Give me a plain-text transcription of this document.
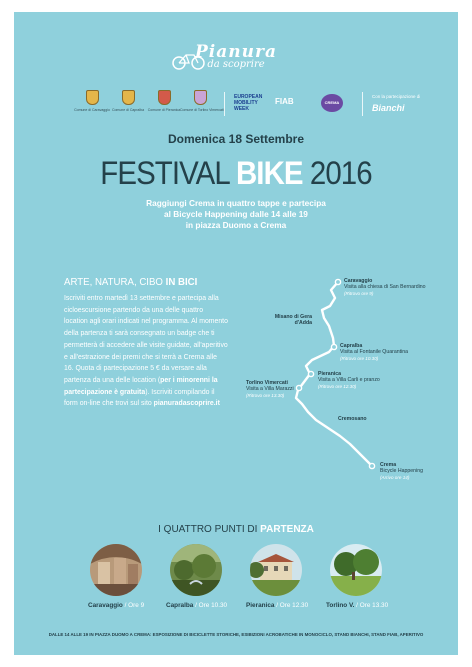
Pianura
da scoprire
Comune di Caravaggio Comune di Capralba	Comune di Pieranica Comune di Torlino Vimercati
EUROPEAN
MOBILITY
WEEK
FIAB	CREMA
Con la partecipazione di
Bianchi
Domenica 18 Settembre
FESTIVAL BIKE 2016
Raggiungi Crema in quattro tappe e partecipa
al Bicycle Happening dalle 14 alle 19
in piazza Duomo a Crema
ARTE, NATURA, CIBO IN BICI
Iscriviti entro martedì 13 settembre e partecipa alla cicloescursione partendo da una delle quattro location agli orari indicati nel programma. Al momento della partenza ti sarà consegnato un badge che ti permetterà di accedere alle visite guidate, all'aperitivo e all'estrazione dei premi che si terrà a Crema alle 16. Quota di partecipazione 5 € da versare alla partenza da una delle location (per i minorenni la partecipazione è gratuita). Iscriviti compilando il form on-line che trovi sul sito pianuradascoprire.it
Caravaggio
Visita alla chiesa di San Bernardino
(Ritrovo ore 9)
Misano di Gera d'Adda
Capralba
Visita al Fontanile Quarantina
(Ritrovo ore 10.30)
Pieranica
Visita a Villa Carli e pranzo
(Ritrovo ore 12.30)
Torlino Vimercati
Visita a Villa Marazzi
(Ritrovo ore 13.30)
Cremosano
Crema
Bicycle Happening
(Arrivo ore 14)
I QUATTRO PUNTI DI PARTENZA
Caravaggio / Ore 9	Capralba / Ore 10.30	Pieranica / Ore 12.30	Torlino V. / Ore 13.30
DALLE 14 ALLE 19 IN PIAZZA DUOMO A CREMA: ESPOSIZIONE DI BICICLETTE STORICHE, ESIBIZIONI ACROBATICHE IN MONOCICLO, STAND BIANCHI, STAND FIAB, APERITIVO
